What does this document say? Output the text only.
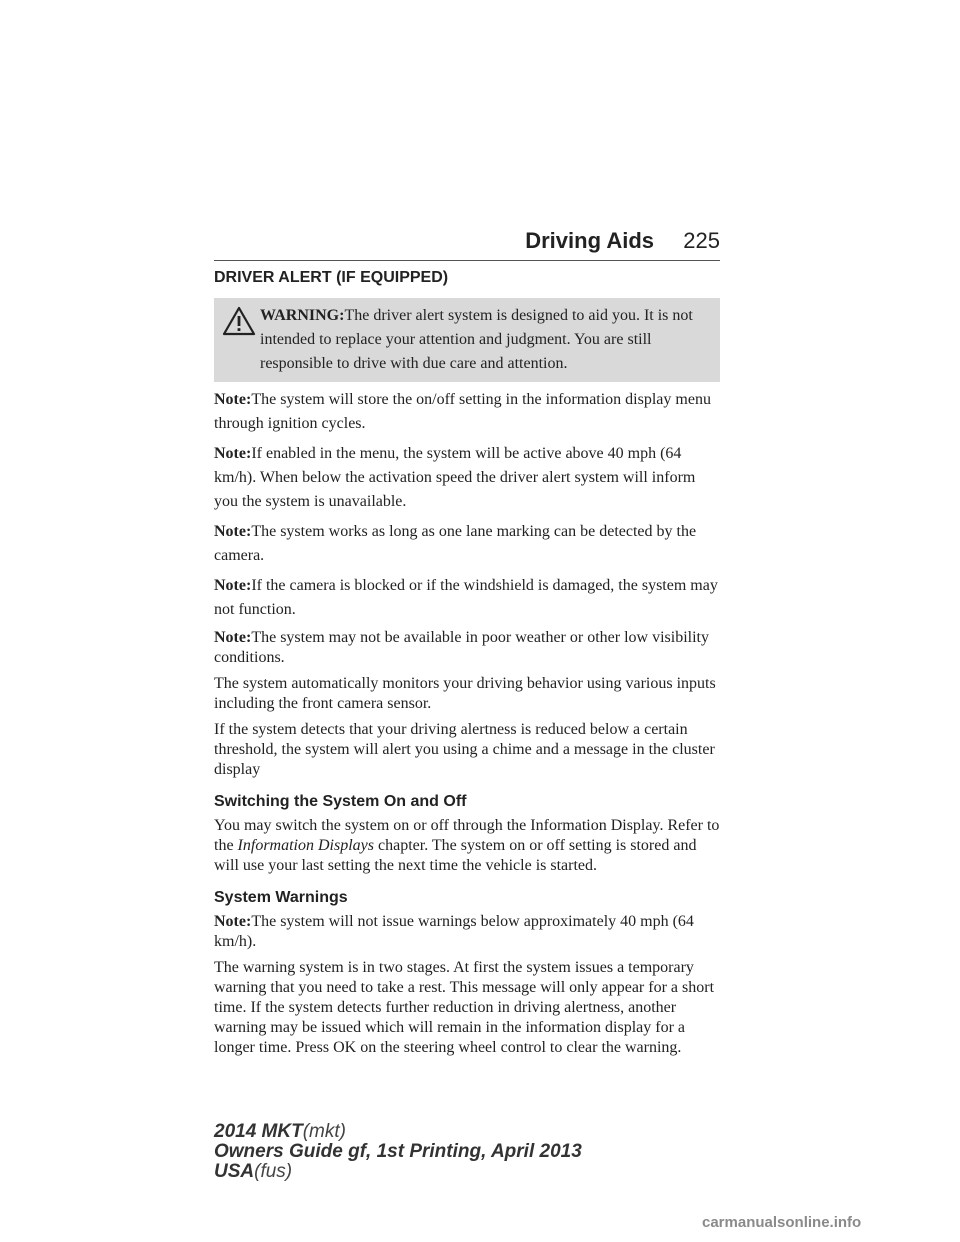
Driving Aids 225
DRIVER ALERT (IF EQUIPPED)
WARNING:The driver alert system is designed to aid you. It is not intended to replace your attention and judgment. You are still responsible to drive with due care and attention.

Note:The system will store the on/off setting in the information display menu through ignition cycles.

Note:If enabled in the menu, the system will be active above 40 mph (64 km/h). When below the activation speed the driver alert system will inform you the system is unavailable.

Note:The system works as long as one lane marking can be detected by the camera.

Note:If the camera is blocked or if the windshield is damaged, the system may not function.

Note:The system may not be available in poor weather or other low visibility conditions.

The system automatically monitors your driving behavior using various inputs including the front camera sensor.

If the system detects that your driving alertness is reduced below a certain threshold, the system will alert you using a chime and a message in the cluster display

Switching the System On and Off

You may switch the system on or off through the Information Display. Refer to the Information Displays chapter. The system on or off setting is stored and will use your last setting the next time the vehicle is started.

System Warnings

Note:The system will not issue warnings below approximately 40 mph (64 km/h).

The warning system is in two stages. At first the system issues a temporary warning that you need to take a rest. This message will only appear for a short time. If the system detects further reduction in driving alertness, another warning may be issued which will remain in the information display for a longer time. Press OK on the steering wheel control to clear the warning.

2014 MKT(mkt)
Owners Guide gf, 1st Printing, April 2013
USA(fus)
carmanualsonline.info
